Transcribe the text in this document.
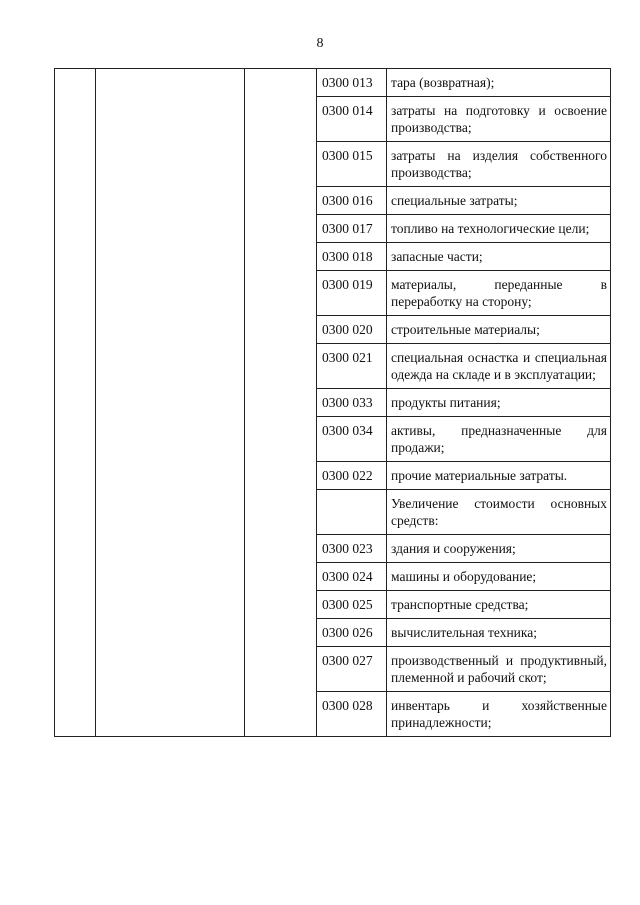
8
			0300 013	тара (возвратная);
			0300 014	затраты на подготовку и освоение производства;
			0300 015	затраты на изделия собственного производства;
			0300 016	специальные затраты;
			0300 017	топливо на технологические цели;
			0300 018	запасные части;
			0300 019	материалы, переданные в переработку на сторону;
			0300 020	строительные материалы;
			0300 021	специальная оснастка и специальная одежда на складе и в эксплуатации;
			0300 033	продукты питания;
			0300 034	активы, предназначенные для продажи;
			0300 022	прочие материальные затраты.
				Увеличение стоимости основных средств:
			0300 023	здания и сооружения;
			0300 024	машины и оборудование;
			0300 025	транспортные средства;
			0300 026	вычислительная техника;
			0300 027	производственный и продуктивный, племенной и рабочий скот;
			0300 028	инвентарь и хозяйственные принадлежности;
